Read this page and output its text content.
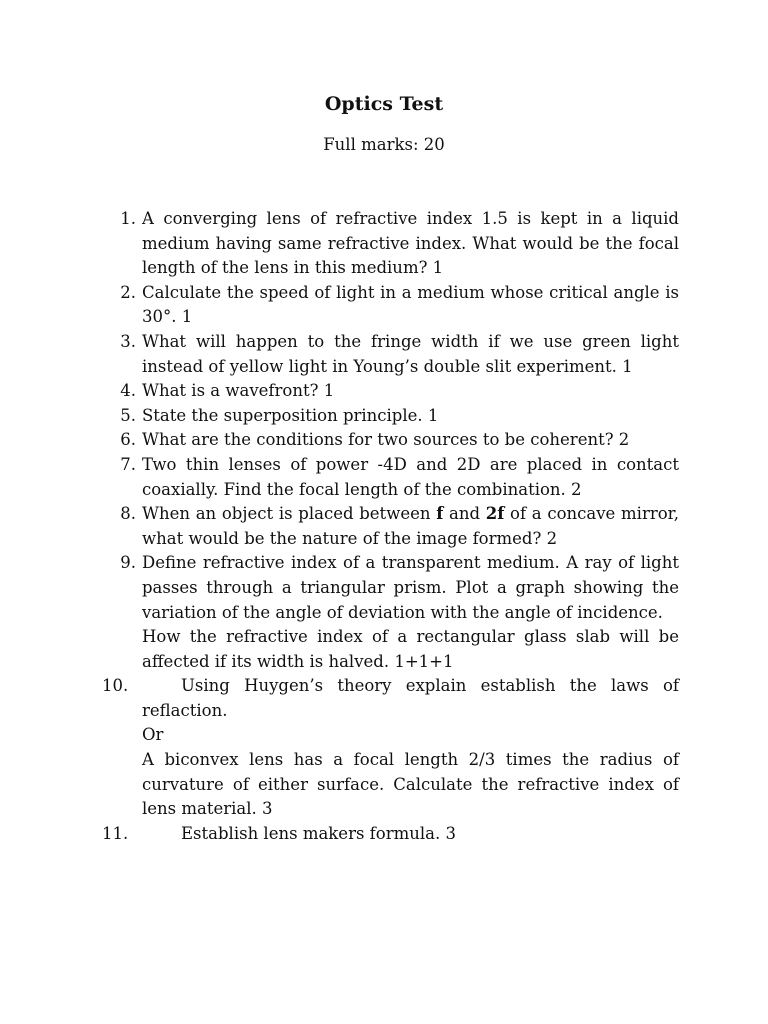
Optics Test
Full marks: 20
1. A converging lens of refractive index 1.5 is kept in a liquid medium having same refractive index. What would be the focal length of the lens in this medium? 1

2. Calculate the speed of light in a medium whose critical angle is 30°. 1

3. What will happen to the fringe width if we use green light instead of yellow light in Young’s double slit experiment. 1

4. What is a wavefront? 1

5. State the superposition principle. 1

6. What are the conditions for two sources to be coherent? 2

7. Two thin lenses of power -4D and 2D are placed in contact coaxially. Find the focal length of the combination. 2

8. When an object is placed between f and 2f of a concave mirror, what would be the nature of the image formed? 2

9. Define refractive index of a transparent medium. A ray of light passes through a triangular prism. Plot a graph showing the variation of the angle of deviation with the angle of incidence.

How the refractive index of a rectangular glass slab will be affected if its width is halved. 1+1+1

10.	Using Huygen’s theory explain establish the laws of reflaction.

Or

A biconvex lens has a focal length 2/3 times the radius of curvature of either surface. Calculate the refractive index of lens material. 3

11.	Establish lens makers formula. 3
